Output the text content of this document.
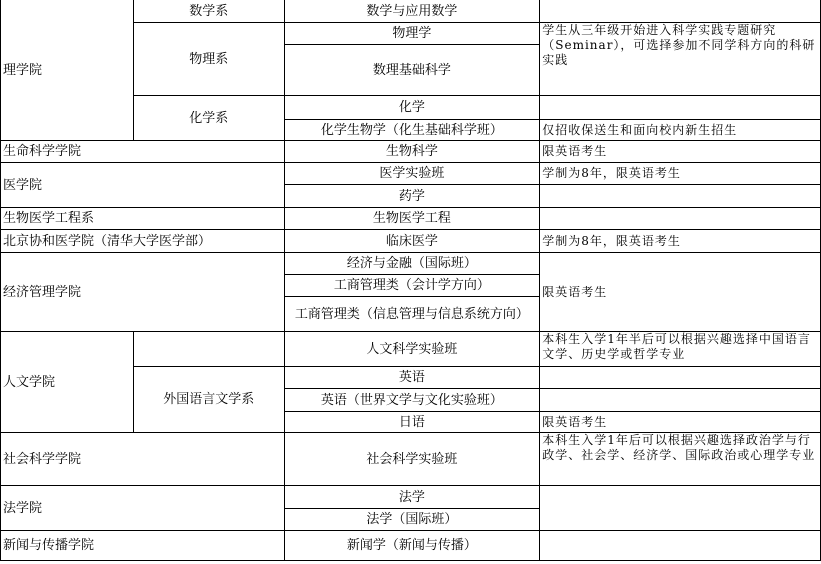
理学院	数学系	数学与应用数学	
	物理系	物理学	学生从三年级开始进入科学实践专题研究（Seminar），可选择参加不同学科方向的科研实践
		数理基础科学	
	化学系	化学	
		化学生物学（化生基础科学班）	仅招收保送生和面向校内新生招生
生命科学学院		生物科学	限英语考生
医学院		医学实验班	学制为8年，限英语考生
		药学	
生物医学工程系		生物医学工程	
北京协和医学院（清华大学医学部）		临床医学	学制为8年，限英语考生
经济管理学院		经济与金融（国际班）	限英语考生
		工商管理类（会计学方向）	
		工商管理类（信息管理与信息系统方向）	
人文学院		人文科学实验班	本科生入学1年半后可以根据兴趣选择中国语言文学、历史学或哲学专业
	外国语言文学系	英语	
		英语（世界文学与文化实验班）	
		日语	限英语考生
社会科学学院		社会科学实验班	本科生入学1年后可以根据兴趣选择政治学与行政学、社会学、经济学、国际政治或心理学专业
法学院		法学	
		法学（国际班）	
新闻与传播学院		新闻学（新闻与传播）	
